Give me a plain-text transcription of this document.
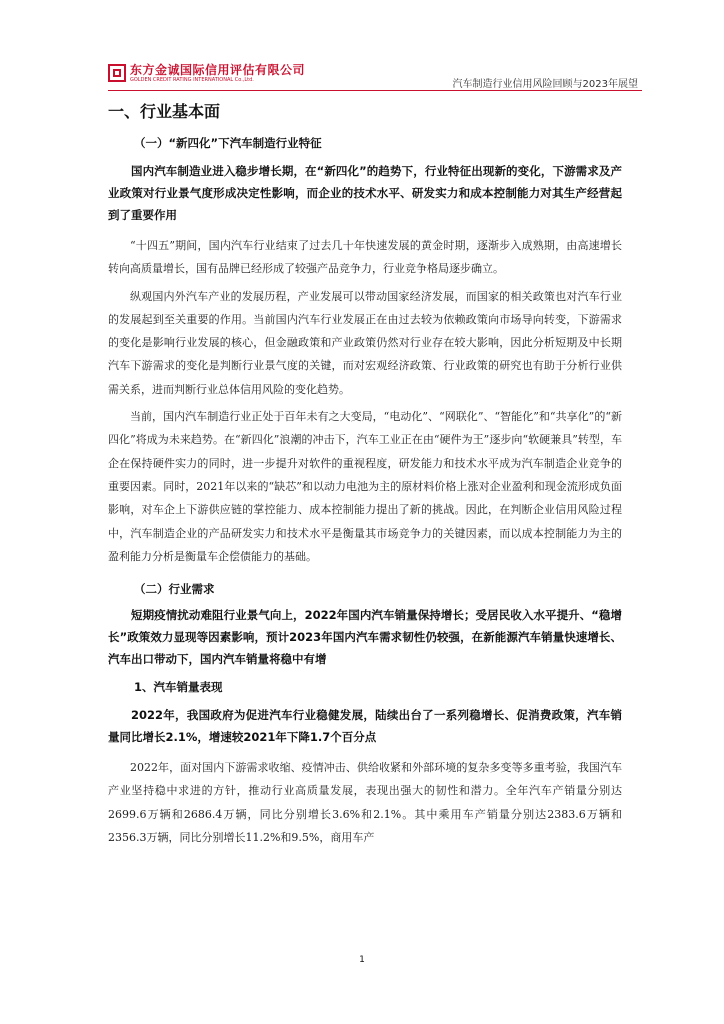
东方金诚国际信用评估有限公司
GOLDEN CREDIT RATING INTERNATIONAL Co.,Ltd.	汽车制造行业信用风险回顾与2023年展望
一、行业基本面
（一）“新四化”下汽车制造行业特征

国内汽车制造业进入稳步增长期，在“新四化”的趋势下，行业特征出现新的变化，下游需求及产业政策对行业景气度形成决定性影响，而企业的技术水平、研发实力和成本控制能力对其生产经营起到了重要作用

“十四五”期间，国内汽车行业结束了过去几十年快速发展的黄金时期，逐渐步入成熟期，由高速增长转向高质量增长，国有品牌已经形成了较强产品竞争力，行业竞争格局逐步确立。

纵观国内外汽车产业的发展历程，产业发展可以带动国家经济发展，而国家的相关政策也对汽车行业的发展起到至关重要的作用。当前国内汽车行业发展正在由过去较为依赖政策向市场导向转变，下游需求的变化是影响行业发展的核心，但金融政策和产业政策仍然对行业存在较大影响，因此分析短期及中长期汽车下游需求的变化是判断行业景气度的关键，而对宏观经济政策、行业政策的研究也有助于分析行业供需关系，进而判断行业总体信用风险的变化趋势。

当前，国内汽车制造行业正处于百年未有之大变局，“电动化”、“网联化”、“智能化”和“共享化”的“新四化”将成为未来趋势。在“新四化”浪潮的冲击下，汽车工业正在由“硬件为王”逐步向“软硬兼具”转型，车企在保持硬件实力的同时，进一步提升对软件的重视程度，研发能力和技术水平成为汽车制造企业竞争的重要因素。同时，2021年以来的“缺芯”和以动力电池为主的原材料价格上涨对企业盈利和现金流形成负面影响，对车企上下游供应链的掌控能力、成本控制能力提出了新的挑战。因此，在判断企业信用风险过程中，汽车制造企业的产品研发实力和技术水平是衡量其市场竞争力的关键因素，而以成本控制能力为主的盈利能力分析是衡量车企偿债能力的基础。

（二）行业需求

短期疫情扰动难阻行业景气向上，2022年国内汽车销量保持增长；受居民收入水平提升、“稳增长”政策效力显现等因素影响，预计2023年国内汽车需求韧性仍较强，在新能源汽车销量快速增长、汽车出口带动下，国内汽车销量将稳中有增

1、汽车销量表现

2022年，我国政府为促进汽车行业稳健发展，陆续出台了一系列稳增长、促消费政策，汽车销量同比增长2.1%，增速较2021年下降1.7个百分点

2022年，面对国内下游需求收缩、疫情冲击、供给收紧和外部环境的复杂多变等多重考验，我国汽车产业坚持稳中求进的方针，推动行业高质量发展，表现出强大的韧性和潜力。全年汽车产销量分别达2699.6万辆和2686.4万辆，同比分别增长3.6%和2.1%。其中乘用车产销量分别达2383.6万辆和2356.3万辆，同比分别增长11.2%和9.5%，商用车产

1
